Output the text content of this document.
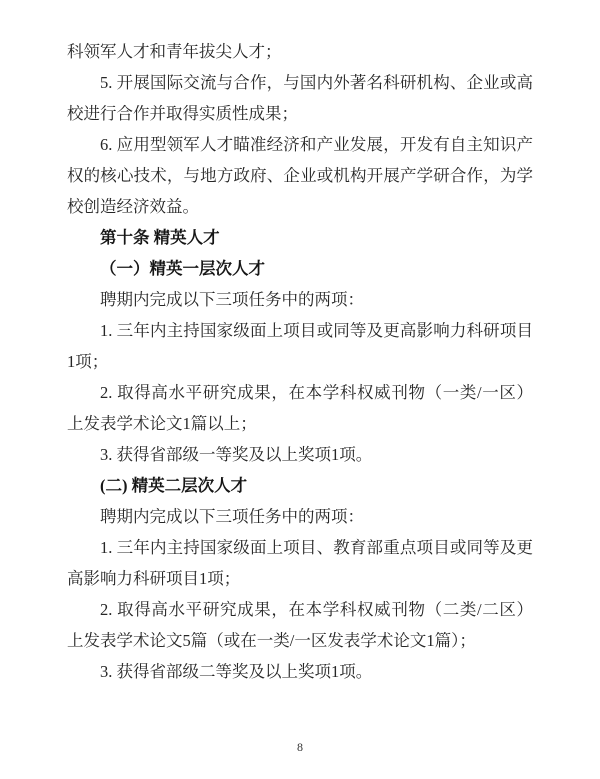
科领军人才和青年拔尖人才；

5. 开展国际交流与合作，与国内外著名科研机构、企业或高校进行合作并取得实质性成果；

6. 应用型领军人才瞄准经济和产业发展，开发有自主知识产权的核心技术，与地方政府、企业或机构开展产学研合作，为学校创造经济效益。

第十条 精英人才

（一）精英一层次人才

聘期内完成以下三项任务中的两项：

1. 三年内主持国家级面上项目或同等及更高影响力科研项目1项；

2. 取得高水平研究成果，在本学科权威刊物（一类/一区）上发表学术论文1篇以上；

3. 获得省部级一等奖及以上奖项1项。

(二) 精英二层次人才

聘期内完成以下三项任务中的两项：

1. 三年内主持国家级面上项目、教育部重点项目或同等及更高影响力科研项目1项；

2. 取得高水平研究成果，在本学科权威刊物（二类/二区）上发表学术论文5篇（或在一类/一区发表学术论文1篇）；

3. 获得省部级二等奖及以上奖项1项。

8
